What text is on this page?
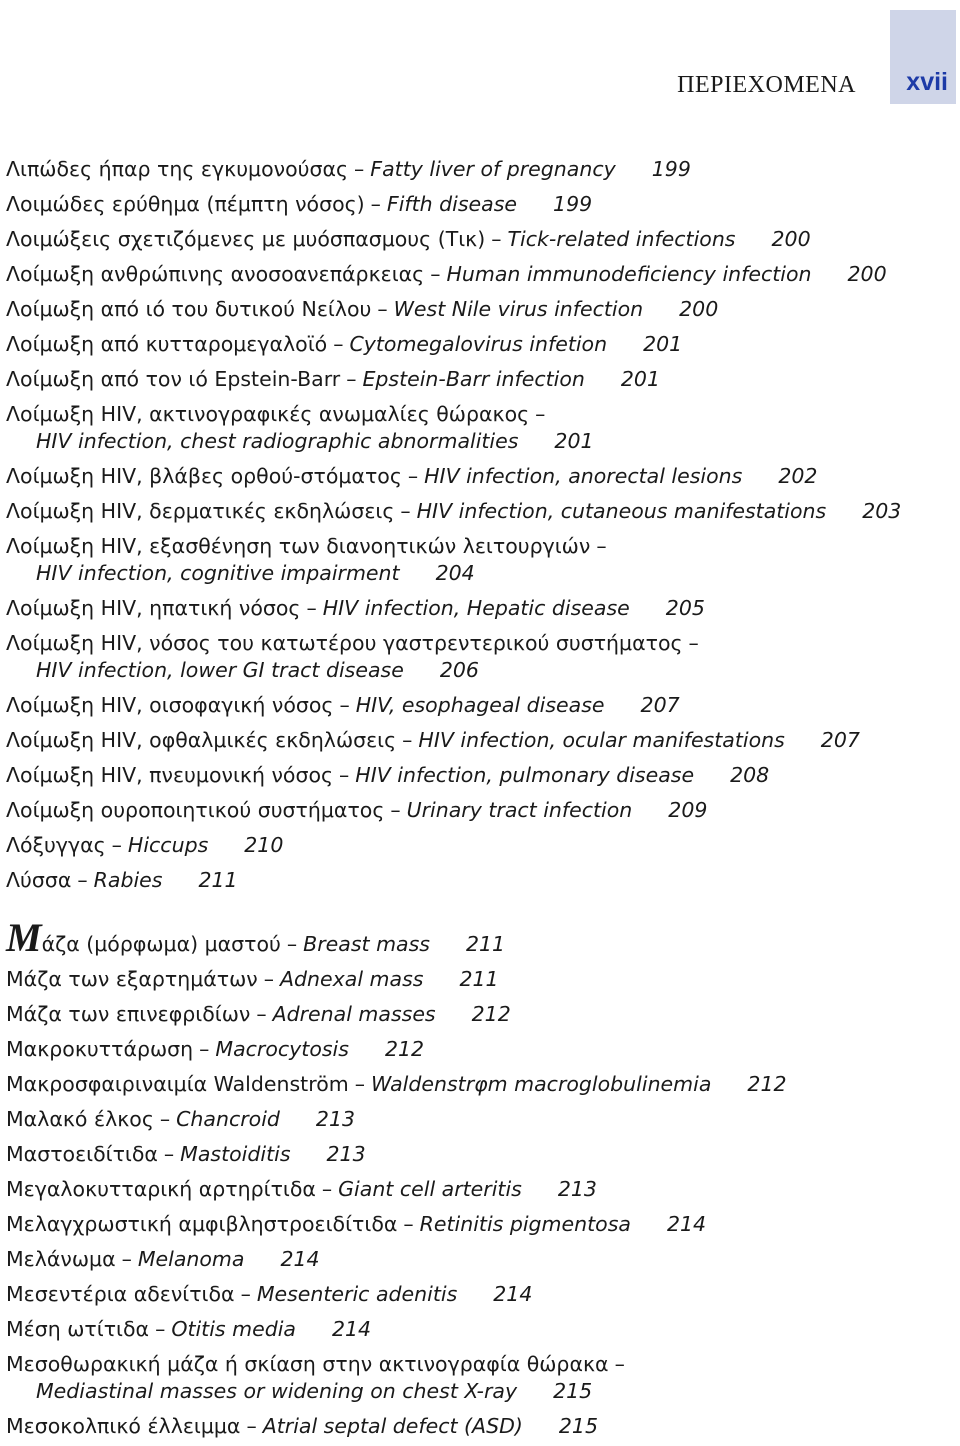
ΠΕΡΙΕΧΟΜΕΝΑ xvii
Λιπώδες ήπαρ της εγκυμονούσας – Fatty liver of pregnancy 199
Λοιμώδες ερύθημα (πέμπτη νόσος) – Fifth disease 199
Λοιμώξεις σχετιζόμενες με μυόσπασμους (Τικ) – Tick-related infections 200
Λοίμωξη ανθρώπινης ανοσοανεπάρκειας – Human immunodeficiency infection 200
Λοίμωξη από ιό του δυτικού Νείλου – West Nile virus infection 200
Λοίμωξη από κυτταρομεγαλοϊό – Cytomegalovirus infetion 201
Λοίμωξη από τον ιό Epstein-Barr – Epstein-Barr infection 201
Λοίμωξη HIV, ακτινογραφικές ανωμαλίες θώρακος –
HIV infection, chest radiographic abnormalities 201
Λοίμωξη HIV, βλάβες ορθού-στόματος – HIV infection, anorectal lesions 202
Λοίμωξη HIV, δερματικές εκδηλώσεις – HIV infection, cutaneous manifestations 203
Λοίμωξη HIV, εξασθένηση των διανοητικών λειτουργιών –
HIV infection, cognitive impairment 204
Λοίμωξη HIV, ηπατική νόσος – HIV infection, Hepatic disease 205
Λοίμωξη HIV, νόσος του κατωτέρου γαστρεντερικού συστήματος –
HIV infection, lower GI tract disease 206
Λοίμωξη HIV, οισοφαγική νόσος – HIV, esophageal disease 207
Λοίμωξη HIV, οφθαλμικές εκδηλώσεις – HIV infection, ocular manifestations 207
Λοίμωξη HIV, πνευμονική νόσος – HIV infection, pulmonary disease 208
Λοίμωξη ουροποιητικού συστήματος – Urinary tract infection 209
Λόξυγγας – Hiccups 210
Λύσσα – Rabies 211
Μάζα (μόρφωμα) μαστού – Breast mass 211
Μάζα των εξαρτημάτων – Adnexal mass 211
Μάζα των επινεφριδίων – Adrenal masses 212
Μακροκυττάρωση – Macrocytosis 212
Μακροσφαιριναιμία Waldenström – Waldenstrφm macroglobulinemia 212
Μαλακό έλκος – Chancroid 213
Μαστοειδίτιδα – Mastoiditis 213
Μεγαλοκυτταρική αρτηρίτιδα – Giant cell arteritis 213
Μελαγχρωστική αμφιβληστροειδίτιδα – Retinitis pigmentosa 214
Μελάνωμα – Melanoma 214
Μεσεντέρια αδενίτιδα – Mesenteric adenitis 214
Μέση ωτίτιδα – Otitis media 214
Μεσοθωρακική μάζα ή σκίαση στην ακτινογραφία θώρακα –
Mediastinal masses or widening on chest X-ray 215
Μεσοκολπικό έλλειμμα – Atrial septal defect (ASD) 215
